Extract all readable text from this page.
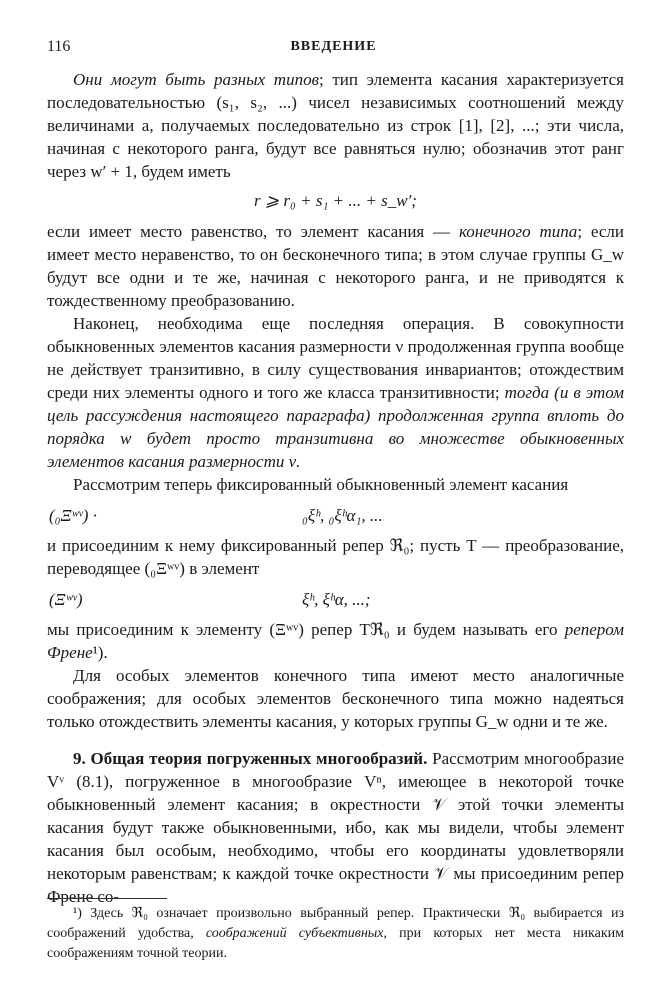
116	ВВЕДЕНИЕ

Они могут быть разных типов; тип элемента касания характеризуется последовательностью (s₁, s₂, ...) чисел независимых соотношений между величинами a, получаемых последовательно из строк [1], [2], ...; эти числа, начиная с некоторого ранга, будут все равняться нулю; обозначив этот ранг через w′ + 1, будем иметь

r ⩾ r₀ + s₁ + ... + s_w′;

если имеет место равенство, то элемент касания — конечного типа; если имеет место неравенство, то он бесконечного типа; в этом случае группы G_w будут все одни и те же, начиная с некоторого ранга, и не приводятся к тождественному преобразованию.

Наконец, необходима еще последняя операция. В совокупности обыкновенных элементов касания размерности ν продолженная группа вообще не действует транзитивно, в силу существования инвариантов; отождествим среди них элементы одного и того же класса транзитивности; тогда (и в этом цель рассуждения настоящего параграфа) продолженная группа вплоть до порядка w будет просто транзитивна во множестве обыкновенных элементов касания размерности ν.

Рассмотрим теперь фиксированный обыкновенный элемент касания

(₀Ξʷᵛ) ·	₀ξʰ, ₀ξʰα₁, ...

и присоединим к нему фиксированный репер ℜ₀; пусть T — преобразование, переводящее (₀Ξʷᵛ) в элемент

(Ξʷᵛ)	ξʰ, ξʰα, ...;

мы присоединим к элементу (Ξʷᵛ) репер Tℜ₀ и будем называть его репером Френе¹).

Для особых элементов конечного типа имеют место аналогичные соображения; для особых элементов бесконечного типа можно надеяться только отождествить элементы касания, у которых группы G_w одни и те же.

9. Общая теория погруженных многообразий. Рассмотрим многообразие Vᵛ (8.1), погруженное в многообразие Vⁿ, имеющее в некоторой точке обыкновенный элемент касания; в окрестности 𝒱 этой точки элементы касания будут также обыкновенными, ибо, как мы видели, чтобы элемент касания был особым, необходимо, чтобы его координаты удовлетворяли некоторым равенствам; к каждой точке окрестности 𝒱 мы присоединим репер Френе со-

¹) Здесь ℜ₀ означает произвольно выбранный репер. Практически ℜ₀ выбирается из соображений удобства, соображений субъективных, при которых нет места никаким соображениям точной теории.
